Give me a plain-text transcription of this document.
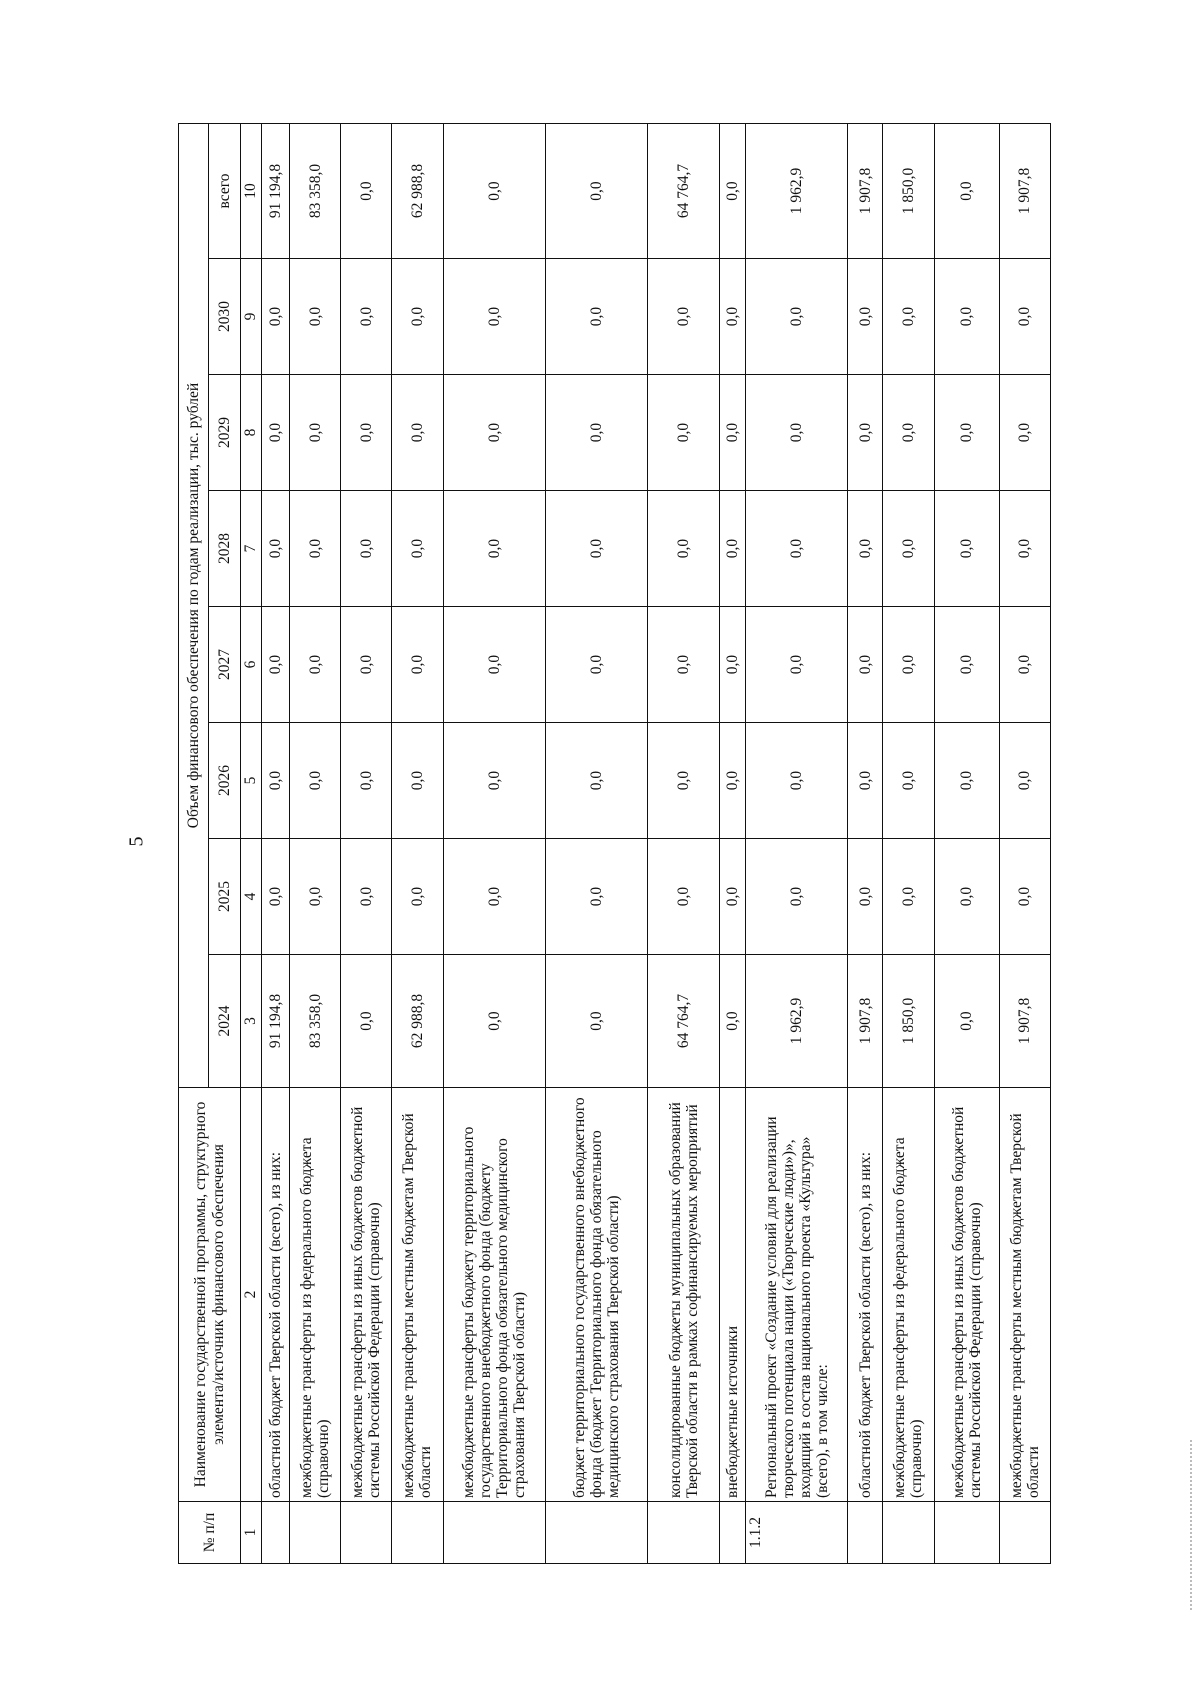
5
№ п/п	Наименование государственной программы, структурного элемента/источник финансового обеспечения	Объем финансового обеспечения по годам реализации, тыс. рублей							
		2024	2025	2026	2027	2028	2029	2030	всего
1	2	3	4	5	6	7	8	9	10
	областной бюджет Тверской области (всего), из них:	91 194,8	0,0	0,0	0,0	0,0	0,0	0,0	91 194,8
	межбюджетные трансферты из федерального бюджета (справочно)	83 358,0	0,0	0,0	0,0	0,0	0,0	0,0	83 358,0
	межбюджетные трансферты из иных бюджетов бюджетной системы Российской Федерации (справочно)	0,0	0,0	0,0	0,0	0,0	0,0	0,0	0,0
	межбюджетные трансферты местным бюджетам Тверской области	62 988,8	0,0	0,0	0,0	0,0	0,0	0,0	62 988,8
	межбюджетные трансферты бюджету территориального государственного внебюджетного фонда (бюджету Территориального фонда обязательного медицинского страхования Тверской области)	0,0	0,0	0,0	0,0	0,0	0,0	0,0	0,0
	бюджет территориального государственного внебюджетного фонда (бюджет Территориального фонда обязательного медицинского страхования Тверской области)	0,0	0,0	0,0	0,0	0,0	0,0	0,0	0,0
	консолидированные бюджеты муниципальных образований Тверской области в рамках софинансируемых мероприятий	64 764,7	0,0	0,0	0,0	0,0	0,0	0,0	64 764,7
	внебюджетные источники	0,0	0,0	0,0	0,0	0,0	0,0	0,0	0,0
1.1.2	Региональный проект «Создание условий для реализации творческого потенциала нации («Творческие люди»)», входящий в состав национального проекта «Культура» (всего), в том числе:	1 962,9	0,0	0,0	0,0	0,0	0,0	0,0	1 962,9
	областной бюджет Тверской области (всего), из них:	1 907,8	0,0	0,0	0,0	0,0	0,0	0,0	1 907,8
	межбюджетные трансферты из федерального бюджета (справочно)	1 850,0	0,0	0,0	0,0	0,0	0,0	0,0	1 850,0
	межбюджетные трансферты из иных бюджетов бюджетной системы Российской Федерации (справочно)	0,0	0,0	0,0	0,0	0,0	0,0	0,0	0,0
	межбюджетные трансферты местным бюджетам Тверской области	1 907,8	0,0	0,0	0,0	0,0	0,0	0,0	1 907,8
